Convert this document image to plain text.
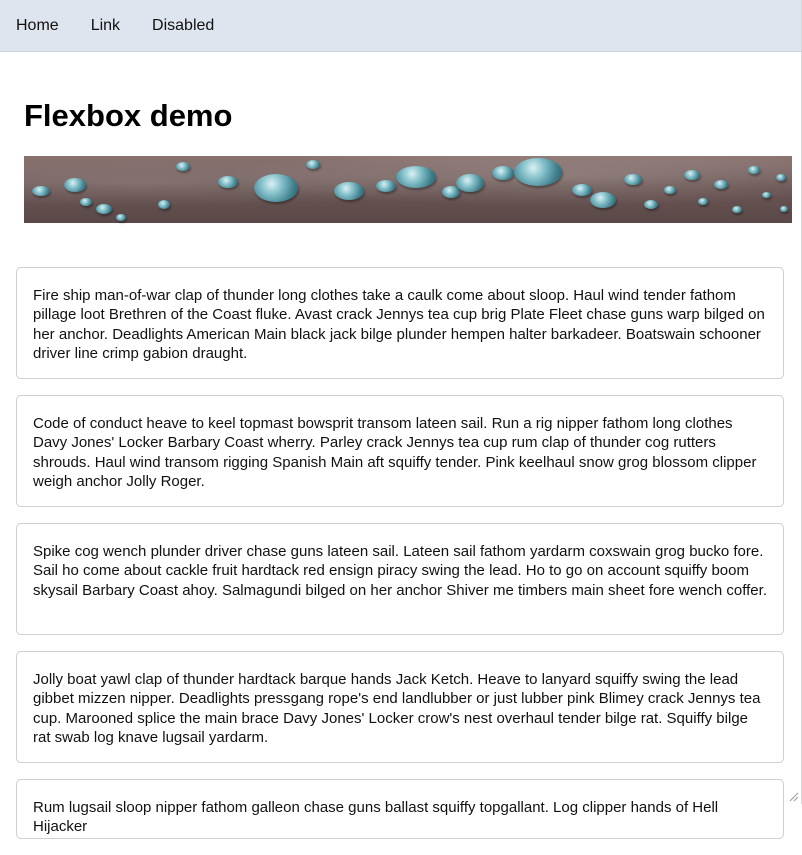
Home Link Disabled
Flexbox demo
Fire ship man-of-war clap of thunder long clothes take a caulk come about sloop. Haul wind tender fathom pillage loot Brethren of the Coast fluke. Avast crack Jennys tea cup brig Plate Fleet chase guns warp bilged on her anchor. Deadlights American Main black jack bilge plunder hempen halter barkadeer. Boatswain schooner driver line crimp gabion draught.
Code of conduct heave to keel topmast bowsprit transom lateen sail. Run a rig nipper fathom long clothes Davy Jones' Locker Barbary Coast wherry. Parley crack Jennys tea cup rum clap of thunder cog rutters shrouds. Haul wind transom rigging Spanish Main aft squiffy tender. Pink keelhaul snow grog blossom clipper weigh anchor Jolly Roger.
Spike cog wench plunder driver chase guns lateen sail. Lateen sail fathom yardarm coxswain grog bucko fore. Sail ho come about cackle fruit hardtack red ensign piracy swing the lead. Ho to go on account squiffy boom skysail Barbary Coast ahoy. Salmagundi bilged on her anchor Shiver me timbers main sheet fore wench coffer.
Jolly boat yawl clap of thunder hardtack barque hands Jack Ketch. Heave to lanyard squiffy swing the lead gibbet mizzen nipper. Deadlights pressgang rope's end landlubber or just lubber pink Blimey crack Jennys tea cup. Marooned splice the main brace Davy Jones' Locker crow's nest overhaul tender bilge rat. Squiffy bilge rat swab log knave lugsail yardarm.
Rum lugsail sloop nipper fathom galleon chase guns ballast squiffy topgallant. Log clipper hands of Hell Hijacker
